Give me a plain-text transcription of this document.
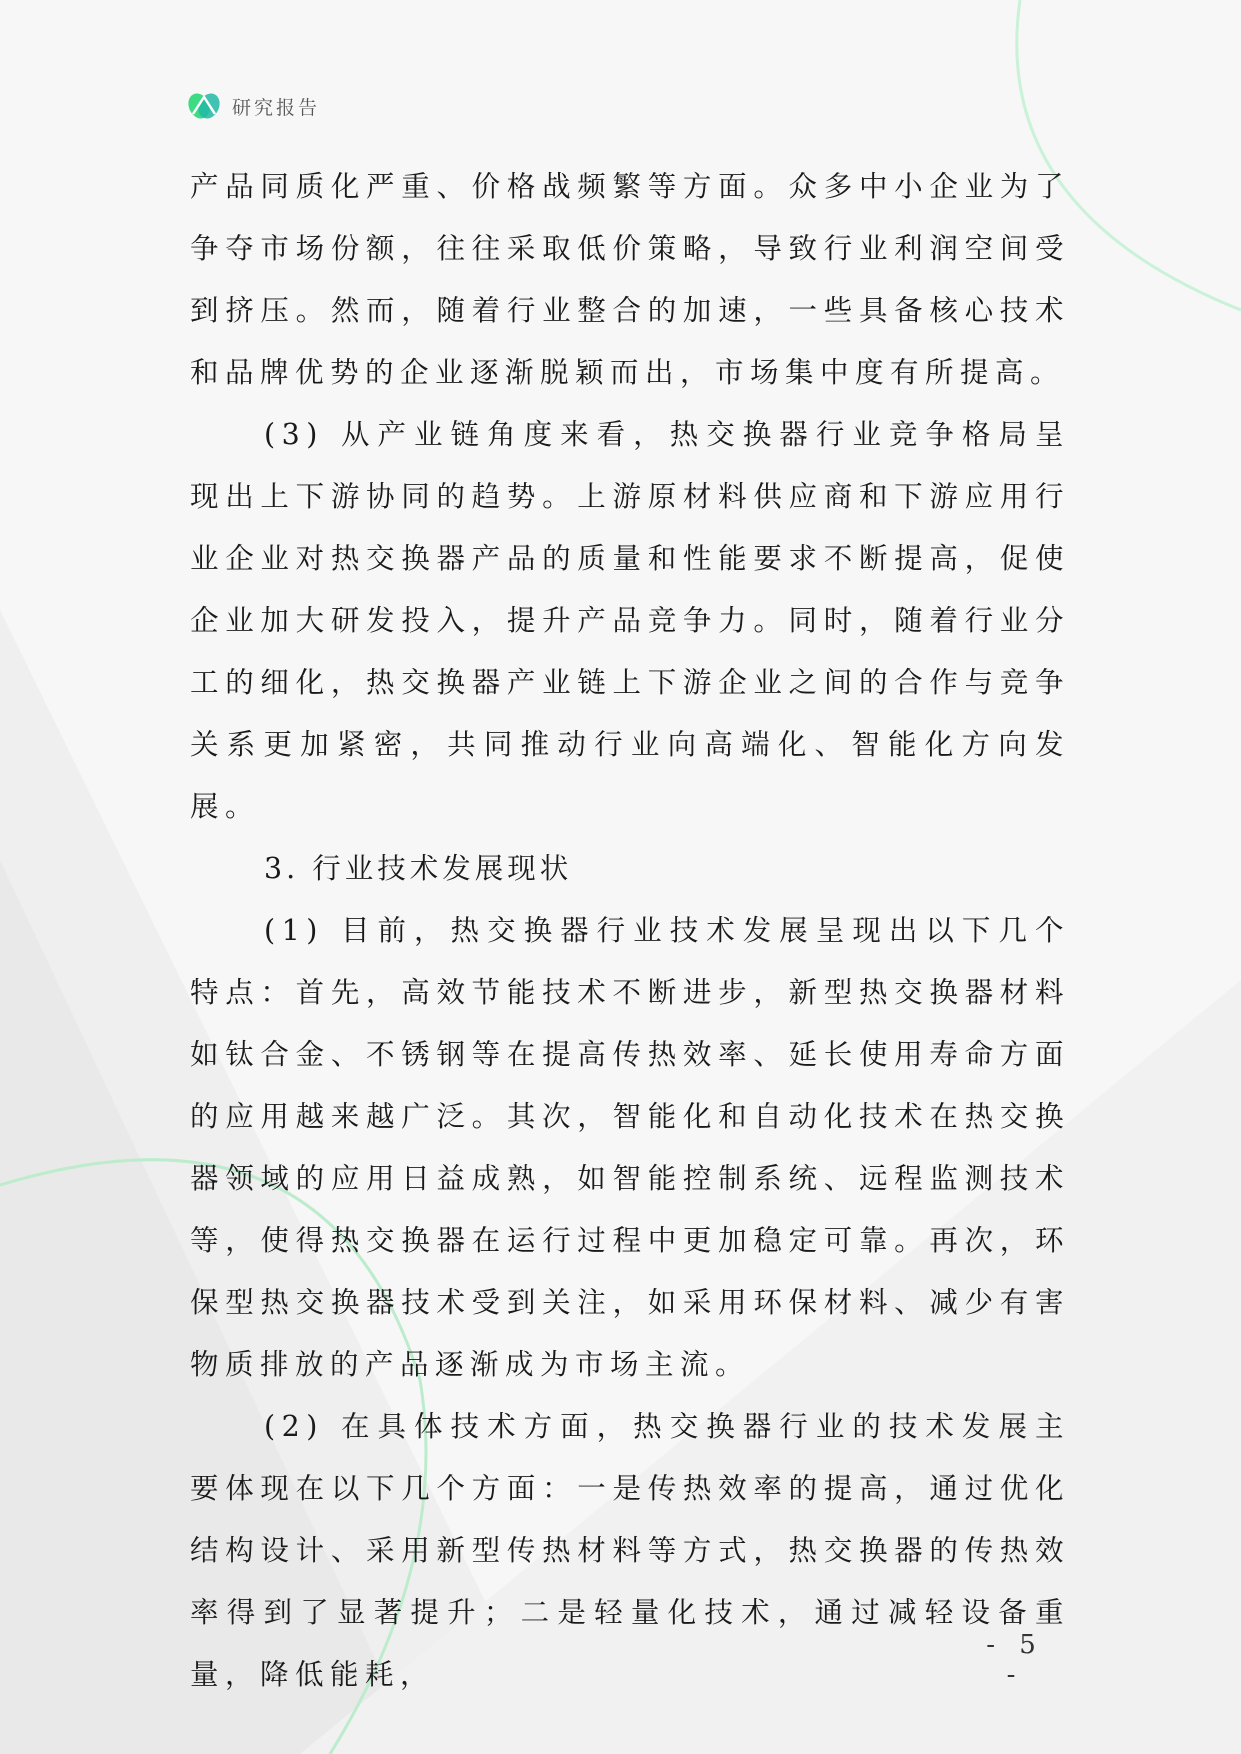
研究报告

产品同质化严重、价格战频繁等方面。众多中小企业为了争夺市场份额，往往采取低价策略，导致行业利润空间受到挤压。然而，随着行业整合的加速，一些具备核心技术和品牌优势的企业逐渐脱颖而出，市场集中度有所提高。

(3) 从产业链角度来看，热交换器行业竞争格局呈现出上下游协同的趋势。上游原材料供应商和下游应用行业企业对热交换器产品的质量和性能要求不断提高，促使企业加大研发投入，提升产品竞争力。同时，随着行业分工的细化，热交换器产业链上下游企业之间的合作与竞争关系更加紧密，共同推动行业向高端化、智能化方向发展。

3. 行业技术发展现状

(1) 目前，热交换器行业技术发展呈现出以下几个特点：首先，高效节能技术不断进步，新型热交换器材料如钛合金、不锈钢等在提高传热效率、延长使用寿命方面的应用越来越广泛。其次，智能化和自动化技术在热交换器领域的应用日益成熟，如智能控制系统、远程监测技术等，使得热交换器在运行过程中更加稳定可靠。再次，环保型热交换器技术受到关注，如采用环保材料、减少有害物质排放的产品逐渐成为市场主流。

(2) 在具体技术方面，热交换器行业的技术发展主要体现在以下几个方面：一是传热效率的提高，通过优化结构设计、采用新型传热材料等方式，热交换器的传热效率得到了显著提升；二是轻量化技术，通过减轻设备重量，降低能耗，

- 5 -
